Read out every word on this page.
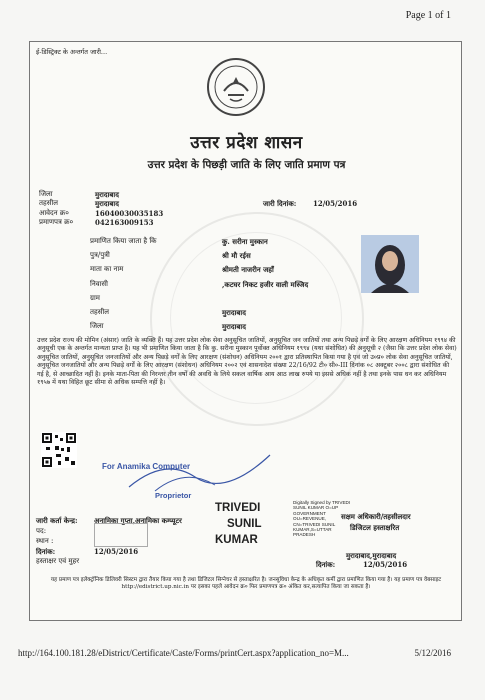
Page 1 of 1
ई-डिस्ट्रिक्ट के अन्तर्गत जारी...
उत्तर प्रदेश शासन
उत्तर प्रदेश के पिछड़ी जाति के लिए जाति प्रमाण पत्र
जिला	मुरादाबाद
तहसील	मुरादाबाद	जारी दिनांक: 12/05/2016
आवेदन क्र०	16040030035183
प्रमाणपत्र क्र०	042163009153
प्रमाणित किया जाता है कि	कु. सरीना मुस्कान
पुत्र/पुत्री	श्री मौ रईस
माता का नाम	श्रीमती नाजरीन जहाँ
निवासी	,कटघर निकट हजीर वाली मस्जिद
ग्राम
तहसील	मुरादाबाद
जिला	मुरादाबाद
उत्तर प्रदेश राज्य की मोमिन (अंसार) जाति के व्यक्ति हैं। यह उत्तर प्रदेश लोक सेवा अनुसूचित जातियों, अनुसूचित जन जातियों तथा अन्य पिछड़े वर्गों के लिए आरक्षण अधिनियम १९९४ की अनुसूची एक के अन्तर्गत मान्यता प्राप्त है। यह भी प्रमाणित किया जाता है कि कु. सरीना मुस्कान पूर्वोक्त अधिनियम १९९४ (यथा संशोधित) की अनुसूची २ (जैसा कि उत्तर प्रदेश लोक सेवा) अनुसूचित जातियों, अनुसूचित जनजातियों और अन्य पिछड़े वर्गों के लिए आरक्षण (संशोधन) अधिनियम २००१ द्वारा प्रतिस्थापित किया गया है एवं जो उ०प्र० लोक सेवा अनुसूचित जातियों, अनुसूचित जनजातियों और अन्य पिछड़े वर्गों के लिए आरक्षण (संशोधन) अधिनियम २००२ एवं शासनादेश संख्या 22/16/92 टी० सी०-III दिनांक ०८ अक्टूबर २००८ द्वारा संशोधित की गई है, से आच्छादित नहीं है। इनके माता-पिता की निरन्तर तीन वर्षों की अवधि के लिये सकल वार्षिक आय आठ लाख रुपये या इससे अधिक नहीं है तथा इनके पास धन कर अधिनियम १९५७ में यथा विहित छूट सीमा से अधिक सम्पत्ति नहीं है।
For Anamika Computer
Proprietor
TRIVEDI
SUNIL
KUMAR
Digitally Signed by TRIVEDI SUNIL KUMAR O=UP GOVERNMENT OU=REVENUE, CN=TRIVEDI SUNIL KUMAR,S=UTTAR PRADESH
जारी कर्ता केन्द्र: अनामिका गुप्ता,अनामिका कम्प्यूटर
पद:
स्थान :
दिनांक:	12/05/2016
हस्ताक्षर एवं मुहर
सक्षम अधिकारी/तहसीलदार
डिजिटल हस्ताक्षरित
मुरादाबाद,मुरादाबाद
दिनांक:	12/05/2016
यह प्रमाण पत्र इलेक्ट्रॉनिक डिलिवरी सिस्टम द्वारा तैयार किया गया है तथा डिजिटल सिग्नेचर से हस्ताक्षरित है। जनसुविधा केन्द्र के अधिकृत कर्मी द्वारा प्रमाणित किया गया है। यह प्रमाण पत्र वेबसाइट http://edistrict.up.nic.in पर इसका पहले आवेदन क्र० फिर प्रमाणपत्र क्र० अंकित कर,सत्यापित किया जा सकता है।
http://164.100.181.28/eDistrict/Certificate/Caste/Forms/printCert.aspx?application_no=M...	5/12/2016
